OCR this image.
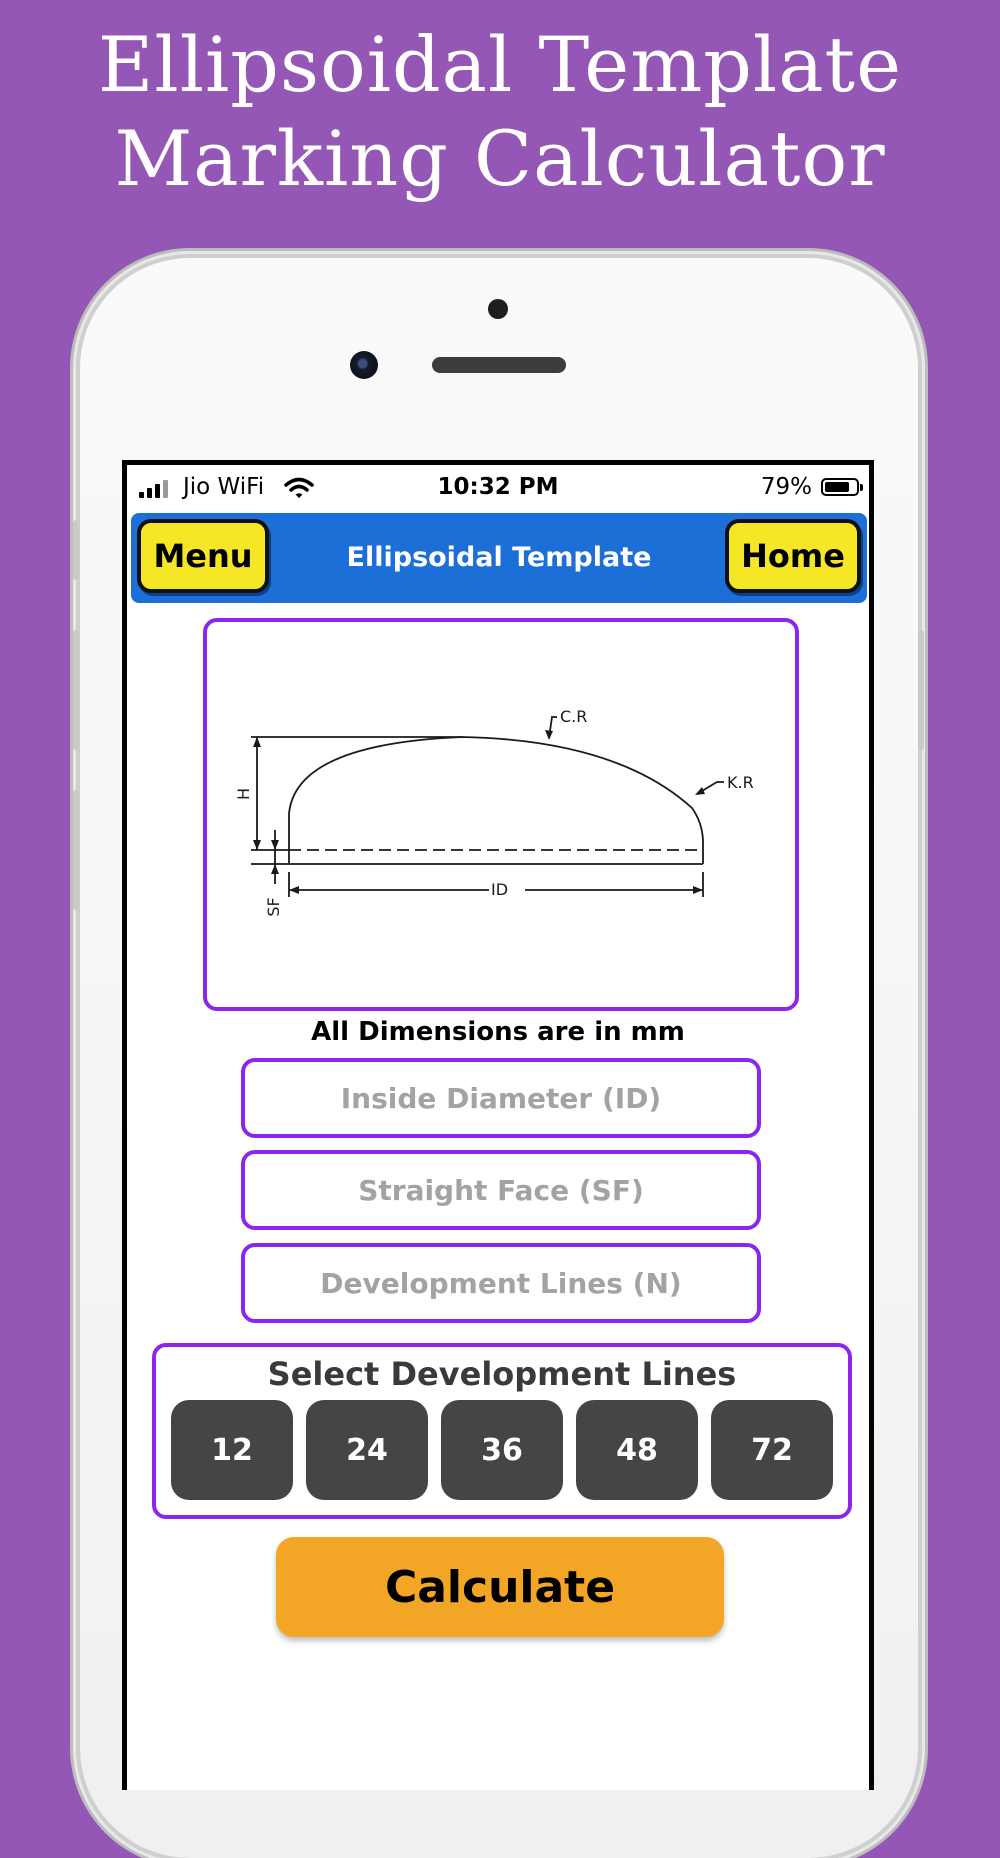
Ellipsoidal Template
Marking Calculator
Jio WiFi	10:32 PM	79%
Ellipsoidal Template
Menu	Home
C.R
K.R
ID
H
SF
All Dimensions are in mm
Inside Diameter (ID)
Straight Face (SF)
Development Lines (N)
Select Development Lines
12	24	36	48	72
Calculate
